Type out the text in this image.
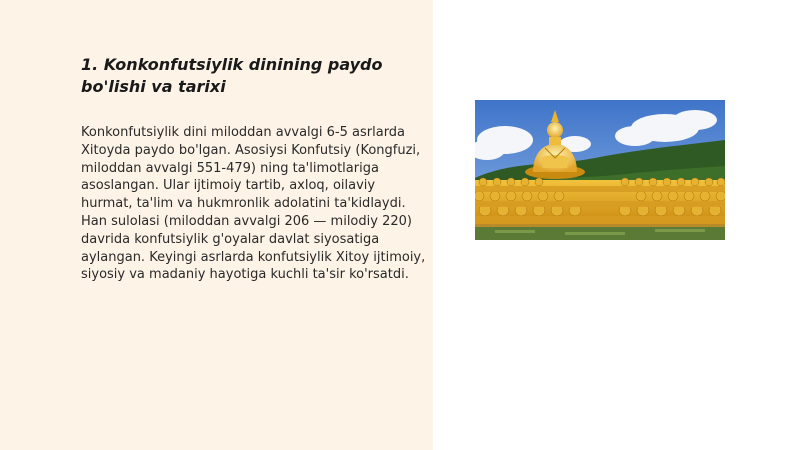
1. Konkonfutsiylik dinining paydo bo'lishi va tarixi

Konkonfutsiylik dini miloddan avvalgi 6-5 asrlarda Xitoyda paydo bo'lgan. Asosiysi Konfutsiy (Kongfuzi, miloddan avvalgi 551-479) ning ta'limotlariga asoslangan. Ular ijtimoiy tartib, axloq, oilaviy hurmat, ta'lim va hukmronlik adolatini ta'kidlaydi. Han sulolasi (miloddan avvalgi 206 — milodiy 220) davrida konfutsiylik g'oyalar davlat siyosatiga aylangan. Keyingi asrlarda konfutsiylik Xitoy ijtimoiy, siyosiy va madaniy hayotiga kuchli ta'sir ko'rsatdi.
